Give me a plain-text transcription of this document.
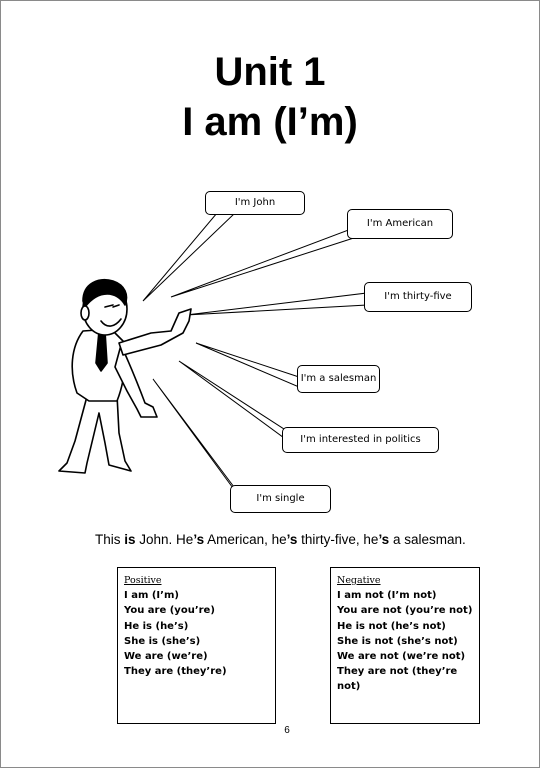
Unit 1
I am (I’m)
I'm John
I'm American
I'm thirty-five
I'm a salesman
I'm interested in politics
I'm single
This is John. He’s American, he’s thirty-five, he’s a salesman.
Positive
I am (I’m)
You are (you’re)
He is (he’s)
She is (she’s)
We are (we’re)
They are (they’re)
Negative
I am not (I’m not)
You are not (you’re not)
He is not (he’s not)
She is not (she’s not)
We are not (we’re not)
They are not (they’re not)
6
